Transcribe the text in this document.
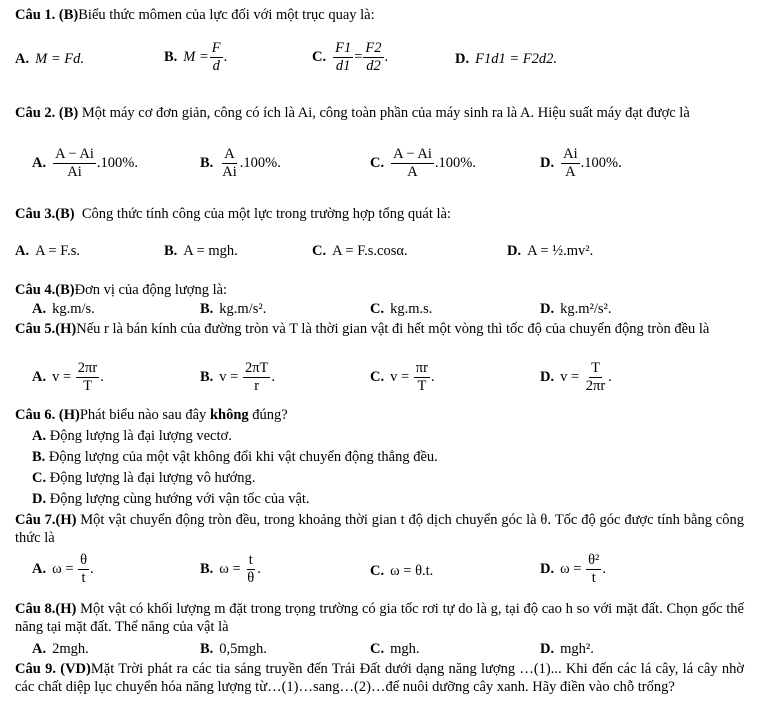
Câu 1. (B)Biểu thức mômen của lực đối với một trục quay là:
A. M = Fd.	B. $M = \frac{F}{d}$ .	C. $\frac{F1}{d1} = \frac{F2}{d2}$ .	D. F1d1 = F2d2.
Câu 2. (B) Một máy cơ đơn giản, công có ích là Ai, công toàn phần của máy sinh ra là A. Hiệu suất máy đạt được là
A. $\frac{A - Ai}{Ai} .100\%$.	B. $\frac{A}{Ai} .100\%$.	C. $\frac{A - Ai}{A} .100\%$.	D. $\frac{Ai}{A} .100\%$.
Câu 3.(B) Công thức tính công của một lực trong trường hợp tổng quát là:
A. A = F.s.	B. A = mgh.	C. A = F.s.cosα.	D. A = ½.mv².
Câu 4.(B)Đơn vị của động lượng là:
A. kg.m/s.	B. kg.m/s².	C. kg.m.s.	D. kg.m²/s².
Câu 5.(H)Nếu r là bán kính của đường tròn và T là thời gian vật đi hết một vòng thì tốc độ của chuyển động tròn đều là
A. v =
$\frac{2\pi r}{T}$ .	B. v =
$\frac{2\pi T}{r}$ .	C. v =
$\frac{\pi r}{T}$ .	D. v =
$\frac{T}{2\pi r}$ .
Câu 6. (H)Phát biểu nào sau đây không đúng?
A. Động lượng là đại lượng vectơ.
B. Động lượng của một vật không đổi khi vật chuyển động thẳng đều.
C. Động lượng là đại lượng vô hướng.
D. Động lượng cùng hướng với vận tốc của vật.
Câu 7.(H) Một vật chuyển động tròn đều, trong khoảng thời gian t độ dịch chuyển góc là θ. Tốc độ góc được tính bằng công thức là
A. ω =
$\frac{\theta}{t}$ .	B. ω =
$\frac{t}{\theta}$ .	C. ω = θ.t.	D. ω =
$\frac{\text{θ²}}{t}$ .
Câu 8.(H) Một vật có khối lượng m đặt trong trọng trường có gia tốc rơi tự do là g, tại độ cao h so với mặt đất. Chọn gốc thế năng tại mặt đất. Thế năng của vật là
A. 2mgh.	B. 0,5mgh.	C. mgh.	D. mgh².
Câu 9. (VD)Mặt Trời phát ra các tia sáng truyền đến Trái Đất dưới dạng năng lượng …(1)... Khi đến các lá cây, lá cây nhờ các chất diệp lục chuyển hóa năng lượng từ…(1)…sang…(2)…để nuôi dưỡng cây xanh. Hãy điền vào chỗ trống?
